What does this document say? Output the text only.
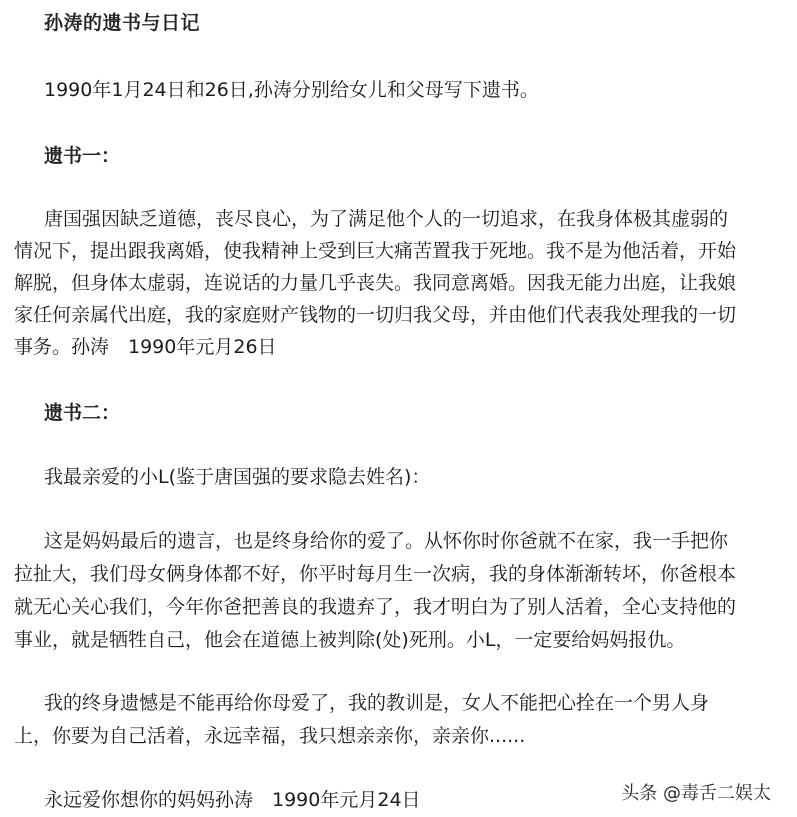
孙涛的遗书与日记
1990年1月24日和26日,孙涛分别给女儿和父母写下遗书。
遗书一：
唐国强因缺乏道德，丧尽良心，为了满足他个人的一切追求，在我身体极其虚弱的
情况下，提出跟我离婚，使我精神上受到巨大痛苦置我于死地。我不是为他活着，开始
解脱，但身体太虚弱，连说话的力量几乎丧失。我同意离婚。因我无能力出庭，让我娘
家任何亲属代出庭，我的家庭财产钱物的一切归我父母，并由他们代表我处理我的一切
事务。孙涛　1990年元月26日
遗书二：
我最亲爱的小L(鉴于唐国强的要求隐去姓名)：
这是妈妈最后的遗言，也是终身给你的爱了。从怀你时你爸就不在家，我一手把你
拉扯大，我们母女俩身体都不好，你平时每月生一次病，我的身体渐渐转坏，你爸根本
就无心关心我们，今年你爸把善良的我遗弃了，我才明白为了别人活着，全心支持他的
事业，就是牺牲自己，他会在道德上被判除(处)死刑。小L，一定要给妈妈报仇。
我的终身遗憾是不能再给你母爱了，我的教训是，女人不能把心拴在一个男人身
上，你要为自己活着，永远幸福，我只想亲亲你，亲亲你......
永远爱你想你的妈妈孙涛　1990年元月24日	头条 @毒舌二娱太
